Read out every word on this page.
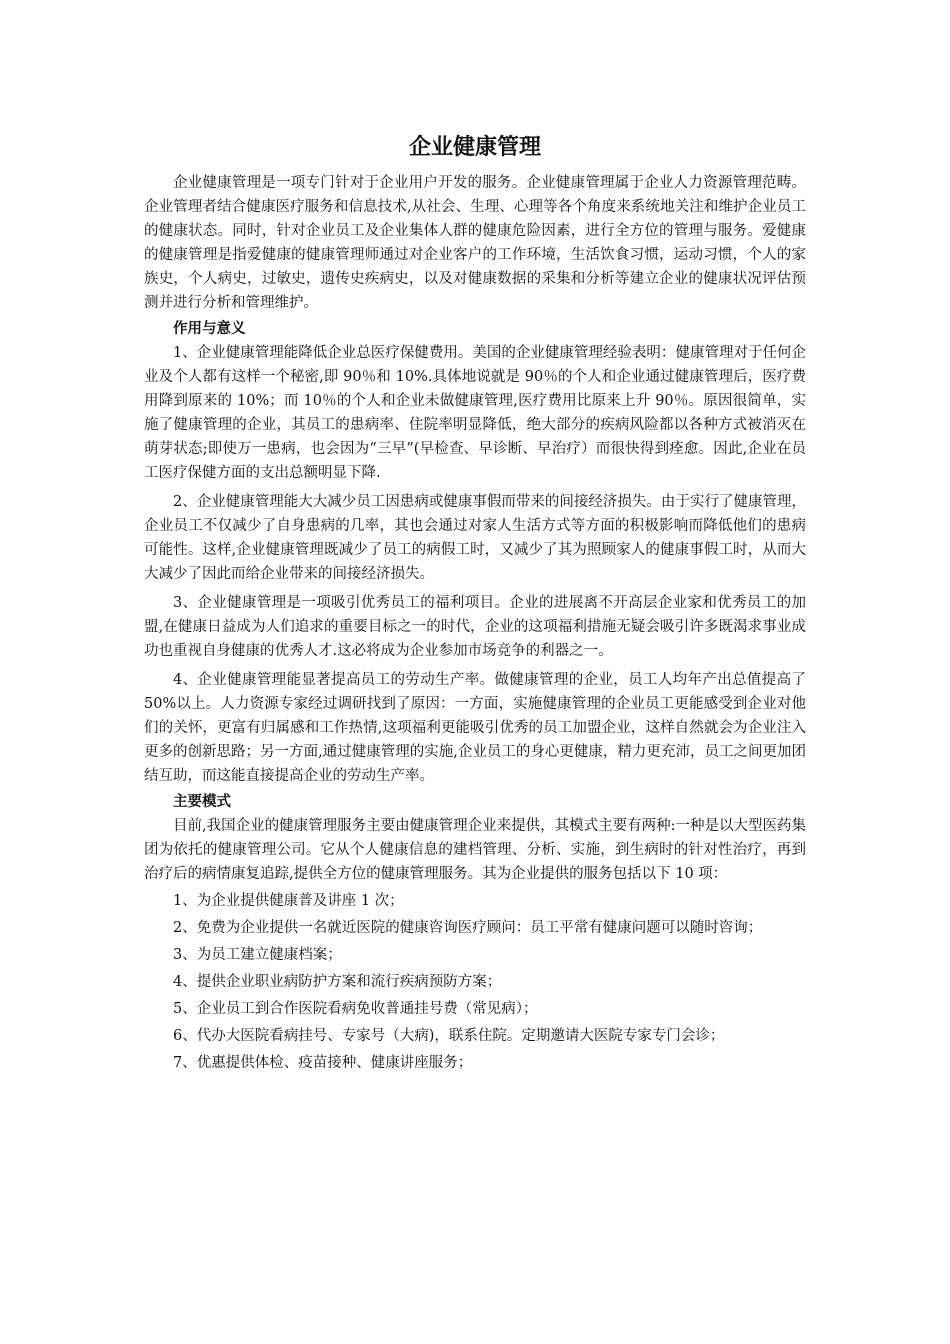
企业健康管理

企业健康管理是一项专门针对于企业用户开发的服务。企业健康管理属于企业人力资源管理范畴。企业管理者结合健康医疗服务和信息技术,从社会、生理、心理等各个角度来系统地关注和维护企业员工的健康状态。同时，针对企业员工及企业集体人群的健康危险因素，进行全方位的管理与服务。爱健康的健康管理是指爱健康的健康管理师通过对企业客户的工作环境，生活饮食习惯，运动习惯，个人的家族史，个人病史，过敏史，遗传史疾病史，以及对健康数据的采集和分析等建立企业的健康状况评估预测并进行分析和管理维护。

作用与意义

1、企业健康管理能降低企业总医疗保健费用。美国的企业健康管理经验表明：健康管理对于任何企业及个人都有这样一个秘密,即 90％和 10%.具体地说就是 90％的个人和企业通过健康管理后，医疗费用降到原来的 10%；而 10％的个人和企业未做健康管理,医疗费用比原来上升 90％。原因很简单，实施了健康管理的企业，其员工的患病率、住院率明显降低，绝大部分的疾病风险都以各种方式被消灭在萌芽状态;即使万一患病，也会因为“三早”(早检查、早诊断、早治疗）而很快得到痊愈。因此,企业在员工医疗保健方面的支出总额明显下降.

2、企业健康管理能大大减少员工因患病或健康事假而带来的间接经济损失。由于实行了健康管理，企业员工不仅减少了自身患病的几率，其也会通过对家人生活方式等方面的积极影响而降低他们的患病可能性。这样,企业健康管理既减少了员工的病假工时，又减少了其为照顾家人的健康事假工时，从而大大减少了因此而给企业带来的间接经济损失。

3、企业健康管理是一项吸引优秀员工的福利项目。企业的进展离不开高层企业家和优秀员工的加盟,在健康日益成为人们追求的重要目标之一的时代，企业的这项福利措施无疑会吸引许多既渴求事业成功也重视自身健康的优秀人才.这必将成为企业参加市场竞争的利器之一。

4、企业健康管理能显著提高员工的劳动生产率。做健康管理的企业，员工人均年产出总值提高了 50%以上。人力资源专家经过调研找到了原因：一方面，实施健康管理的企业员工更能感受到企业对他们的关怀，更富有归属感和工作热情,这项福利更能吸引优秀的员工加盟企业，这样自然就会为企业注入更多的创新思路；另一方面,通过健康管理的实施,企业员工的身心更健康，精力更充沛，员工之间更加团结互助，而这能直接提高企业的劳动生产率。

主要模式

目前,我国企业的健康管理服务主要由健康管理企业来提供，其模式主要有两种:一种是以大型医药集团为依托的健康管理公司。它从个人健康信息的建档管理、分析、实施，到生病时的针对性治疗，再到治疗后的病情康复追踪,提供全方位的健康管理服务。其为企业提供的服务包括以下 10 项：

1、为企业提供健康普及讲座 1 次；

2、免费为企业提供一名就近医院的健康咨询医疗顾问：员工平常有健康问题可以随时咨询；

3、为员工建立健康档案；

4、提供企业职业病防护方案和流行疾病预防方案；

5、企业员工到合作医院看病免收普通挂号费（常见病）；

6、代办大医院看病挂号、专家号（大病)，联系住院。定期邀请大医院专家专门会诊；

7、优惠提供体检、疫苗接种、健康讲座服务；
